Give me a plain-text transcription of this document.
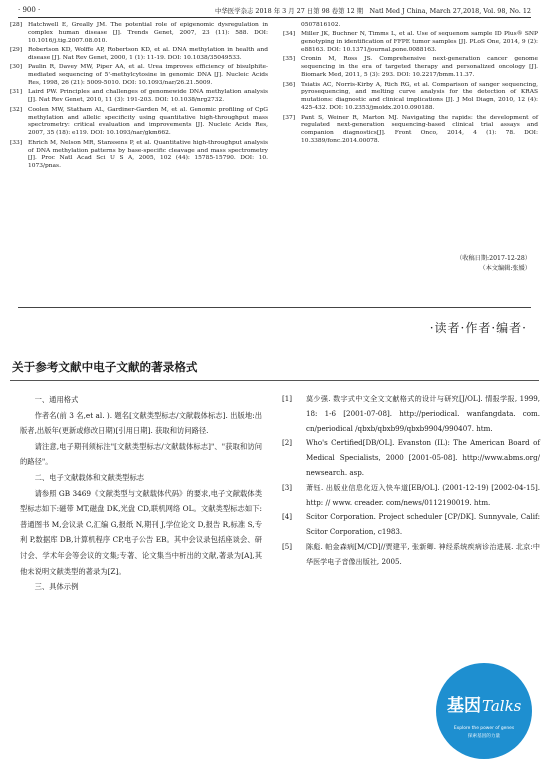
· 900 ·	中华医学杂志 2018 年 3 月 27 日第 98 卷第 12 期　Natl Med J China, March 27,2018, Vol. 98, No. 12
[28] Hatchwell E, Greally JM. The potential role of epigenomic dysregulation in complex human disease [J]. Trends Genet, 2007, 23 (11): 588. DOI: 10.1016/j.tig.2007.08.010.
[29] Robertson KD, Wolffe AP, Robertson KD, et al. DNA methylation in health and disease [J]. Nat Rev Genet, 2000, 1 (1): 11-19. DOI: 10.1038/35049533.
[30] Paulin R, Davey MW, Piper AA, et al. Urea improves efficiency of bisulphite-mediated sequencing of 5'-methylcytosine in genomic DNA [J]. Nucleic Acids Res, 1998, 26 (21): 5009-5010. DOI: 10.1093/nar/26.21.5009.
[31] Laird PW. Principles and challenges of genomewide DNA methylation analysis [J]. Nat Rev Genet, 2010, 11 (3): 191-203. DOI: 10.1038/nrg2732.
[32] Coolen MW, Statham AL, Gardiner-Garden M, et al. Genomic profiling of CpG methylation and allelic specificity using quantitative high-throughput mass spectrometry: critical evaluation and improvements [J]. Nucleic Acids Res, 2007, 35 (18): e119. DOI: 10.1093/nar/gkm662.
[33] Ehrich M, Nelson MR, Stanssens P, et al. Quantitative high-throughput analysis of DNA methylation patterns by base-specific cleavage and mass spectrometry [J]. Proc Natl Acad Sci U S A, 2005, 102 (44): 15785-15790. DOI: 10. 1073/pnas.
0507816102.
[34] Miller JK, Buchner N, Timms L, et al. Use of sequenom sample ID Plus® SNP genotyping in identification of FFPE tumor samples [J]. PLoS One, 2014, 9 (2): e88163. DOI: 10.1371/journal.pone.0088163.
[35] Cronin M, Ross JS. Comprehensive next-generation cancer genome sequencing in the era of targeted therapy and personalized oncology [J]. Biomark Med, 2011, 5 (3): 293. DOI: 10.2217/bmm.11.37.
[36] Tsiatis AC, Norris-Kirby A, Rich RG, et al. Comparison of sanger sequencing, pyrosequencing, and melting curve analysis for the detection of KRAS mutations: diagnostic and clinical implications [J]. J Mol Diagn, 2010, 12 (4): 425-432. DOI: 10.2353/jmoldx.2010.090188.
[37] Pant S, Weiner R, Marton MJ. Navigating the rapids: the development of regulated next-generation sequencing-based clinical trial assays and companion diagnostics[J]. Front Onco, 2014, 4 (1): 78. DOI: 10.3389/fonc.2014.00078.
（收稿日期:2017-12-28）
（本文编辑:张媛）
·读者·作者·编者·
关于参考文献中电子文献的著录格式

一、通用格式

作者名(前 3 名,et al. ). 题名[文献类型标志/文献载体标志]. 出版地:出版者,出版年(更新或修改日期)[引用日期]. 获取和访问路径.

请注意,电子期刊须标注"[文献类型标志/文献载体标志]"、"获取和访问的路径"。

二、电子文献载体和文献类型标志

请参照 GB 3469《文献类型与文献载体代码》的要求,电子文献载体类型标志如下:磁带 MT,磁盘 DK,光盘 CD,联机网络 OL。文献类型标志如下:普通图书 M,会议录 C,汇编 G,报纸 N,期刊 J,学位论文 D,报告 R,标准 S,专利 P,数据库 DB,计算机程序 CP,电子公告 EB。其中会议录包括座谈会、研讨会、学术年会等会议的文集;专著、论文集当中析出的文献,著录为[A],其他未说明文献类型的著录为[Z]。

三、具体示例

[1] 莫少强. 数字式中文全文文献格式的设计与研究[J/OL]. 情报学报, 1999, 18: 1-6 [2001-07-08]. http://periodical. wanfangdata. com. cn/periodical /qbxb/qbxb99/qbxb9904/990407. htm.
[2] Who's Certified[DB/OL]. Evanston (IL): The American Board of Medical Specialists, 2000 [2001-05-08]. http://www.abms.org/ newsearch. asp.
[3] 萧钰. 出版业信息化迈入快车道[EB/OL]. (2001-12-19) [2002-04-15]. http: // www. creader. com/news/0112190019. htm.
[4] Scitor Corporation. Project scheduler [CP/DK]. Sunnyvale, Calif: Scitor Corporation, c1983.
[5] 陈彪. 帕金森病[M/CD]//贾建平, 张新卿. 神经系统疾病诊治进展. 北京:中华医学电子音像出版社, 2005.
基因 Talks
Explore the power of genes
探索基因的力量
